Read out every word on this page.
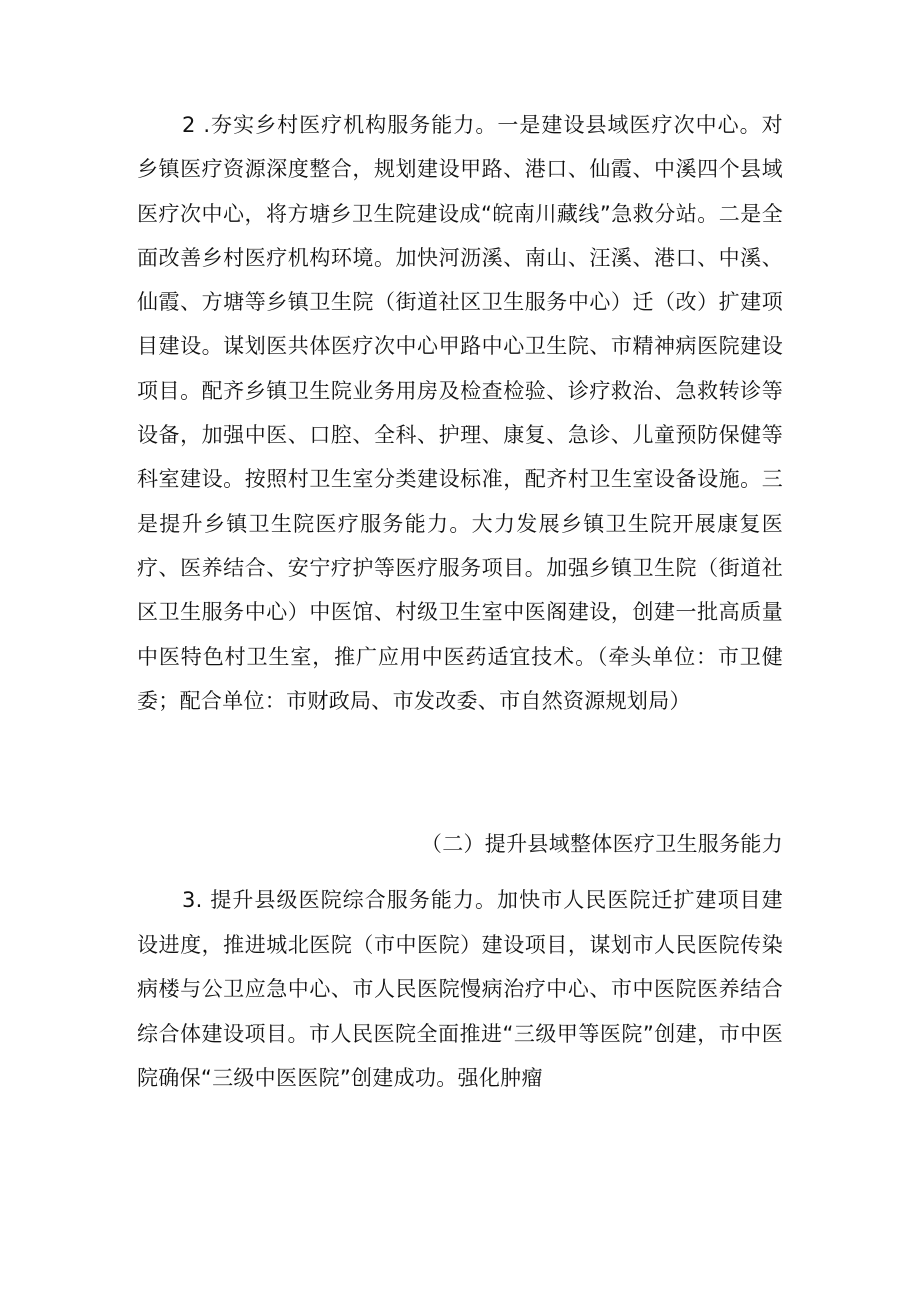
2 .夯实乡村医疗机构服务能力。一是建设县域医疗次中心。对乡镇医疗资源深度整合，规划建设甲路、港口、仙霞、中溪四个县域医疗次中心，将方塘乡卫生院建设成“皖南川藏线”急救分站。二是全面改善乡村医疗机构环境。加快河沥溪、南山、汪溪、港口、中溪、仙霞、方塘等乡镇卫生院（街道社区卫生服务中心）迁（改）扩建项目建设。谋划医共体医疗次中心甲路中心卫生院、市精神病医院建设项目。配齐乡镇卫生院业务用房及检查检验、诊疗救治、急救转诊等设备，加强中医、口腔、全科、护理、康复、急诊、儿童预防保健等科室建设。按照村卫生室分类建设标准，配齐村卫生室设备设施。三是提升乡镇卫生院医疗服务能力。大力发展乡镇卫生院开展康复医疗、医养结合、安宁疗护等医疗服务项目。加强乡镇卫生院（街道社区卫生服务中心）中医馆、村级卫生室中医阁建设，创建一批高质量中医特色村卫生室，推广应用中医药适宜技术。（牵头单位：市卫健委；配合单位：市财政局、市发改委、市自然资源规划局）

（二）提升县域整体医疗卫生服务能力

3. 提升县级医院综合服务能力。加快市人民医院迁扩建项目建设进度，推进城北医院（市中医院）建设项目，谋划市人民医院传染病楼与公卫应急中心、市人民医院慢病治疗中心、市中医院医养结合综合体建设项目。市人民医院全面推进“三级甲等医院”创建，市中医院确保“三级中医医院”创建成功。强化肿瘤
